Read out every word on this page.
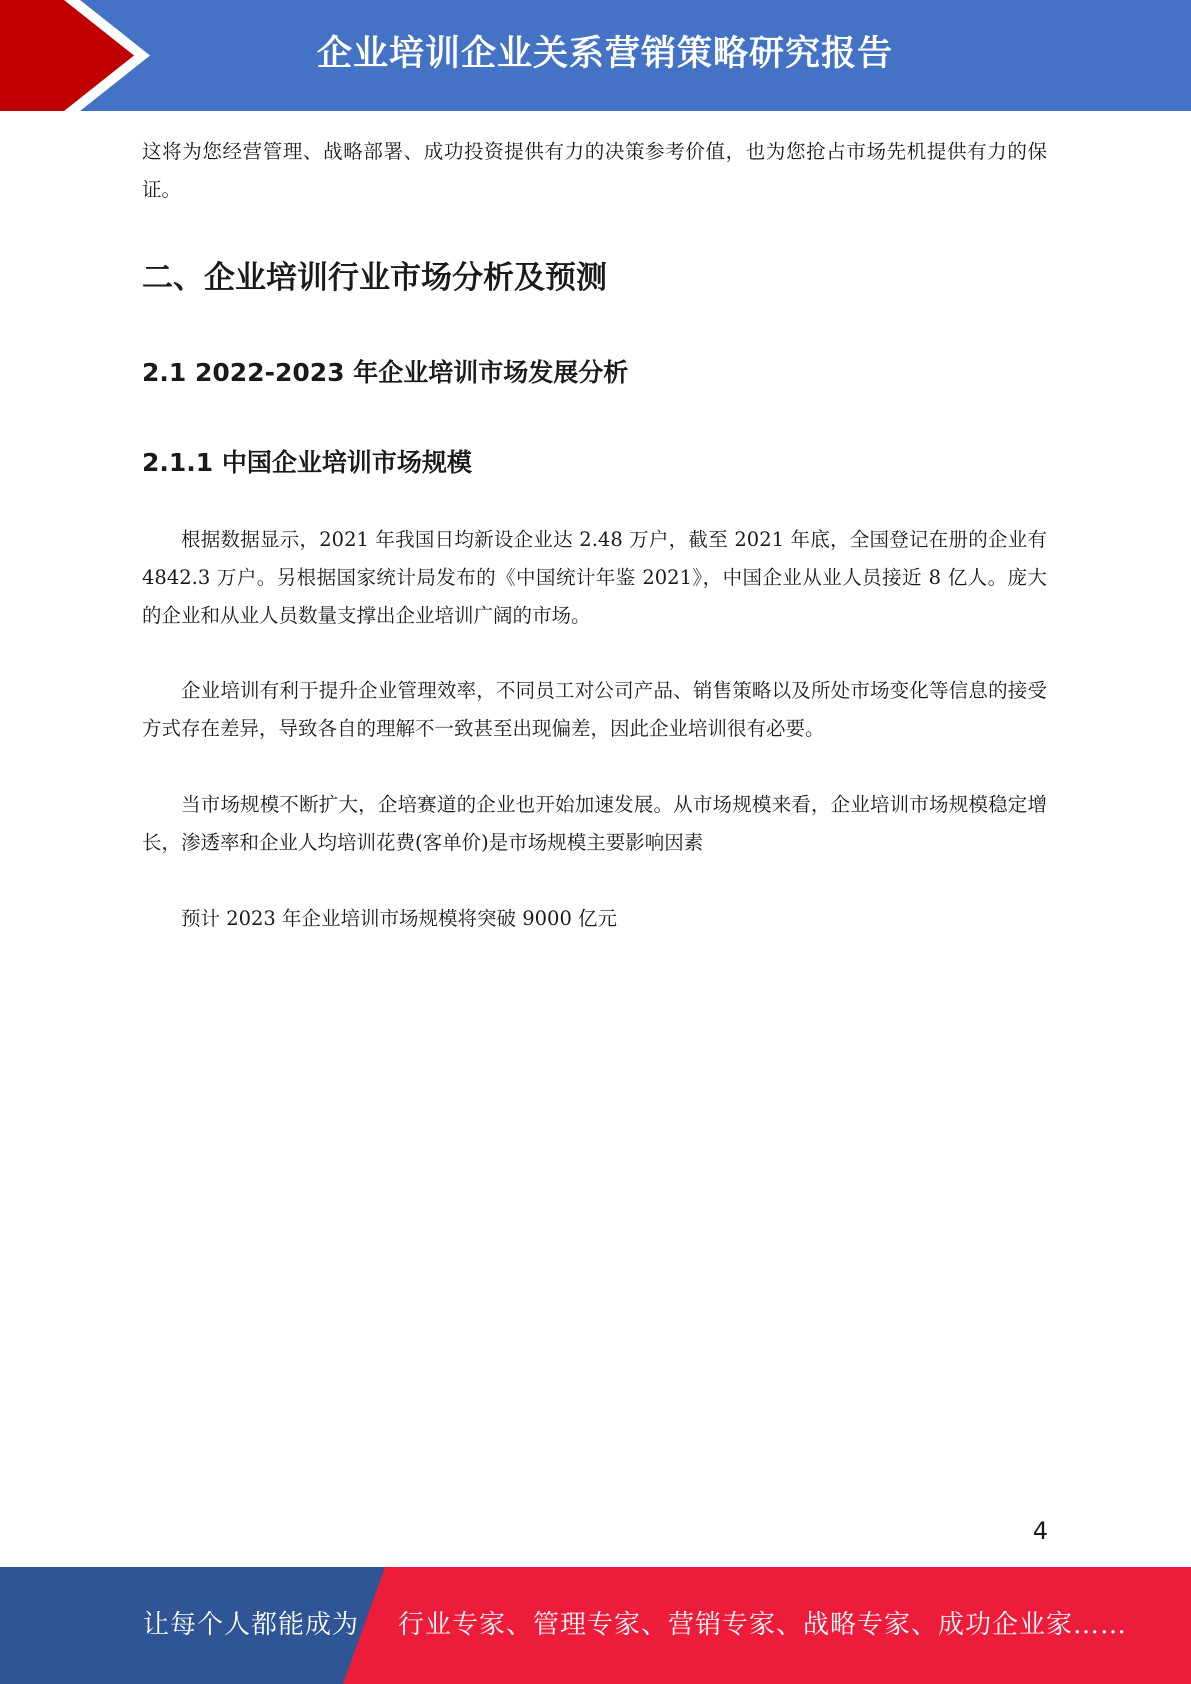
企业培训企业关系营销策略研究报告

这将为您经营管理、战略部署、成功投资提供有力的决策参考价值，也为您抢占市场先机提供有力的保证。

二、企业培训行业市场分析及预测
2.1 2022-2023 年企业培训市场发展分析
2.1.1 中国企业培训市场规模

根据数据显示，2021 年我国日均新设企业达 2.48 万户，截至 2021 年底，全国登记在册的企业有 4842.3 万户。另根据国家统计局发布的《中国统计年鉴 2021》，中国企业从业人员接近 8 亿人。庞大的企业和从业人员数量支撑出企业培训广阔的市场。

企业培训有利于提升企业管理效率，不同员工对公司产品、销售策略以及所处市场变化等信息的接受方式存在差异，导致各自的理解不一致甚至出现偏差，因此企业培训很有必要。

当市场规模不断扩大，企培赛道的企业也开始加速发展。从市场规模来看，企业培训市场规模稳定增长，渗透率和企业人均培训花费(客单价)是市场规模主要影响因素

预计 2023 年企业培训市场规模将突破 9000 亿元

4
让每个人都能成为 行业专家、管理专家、营销专家、战略专家、成功企业家……
